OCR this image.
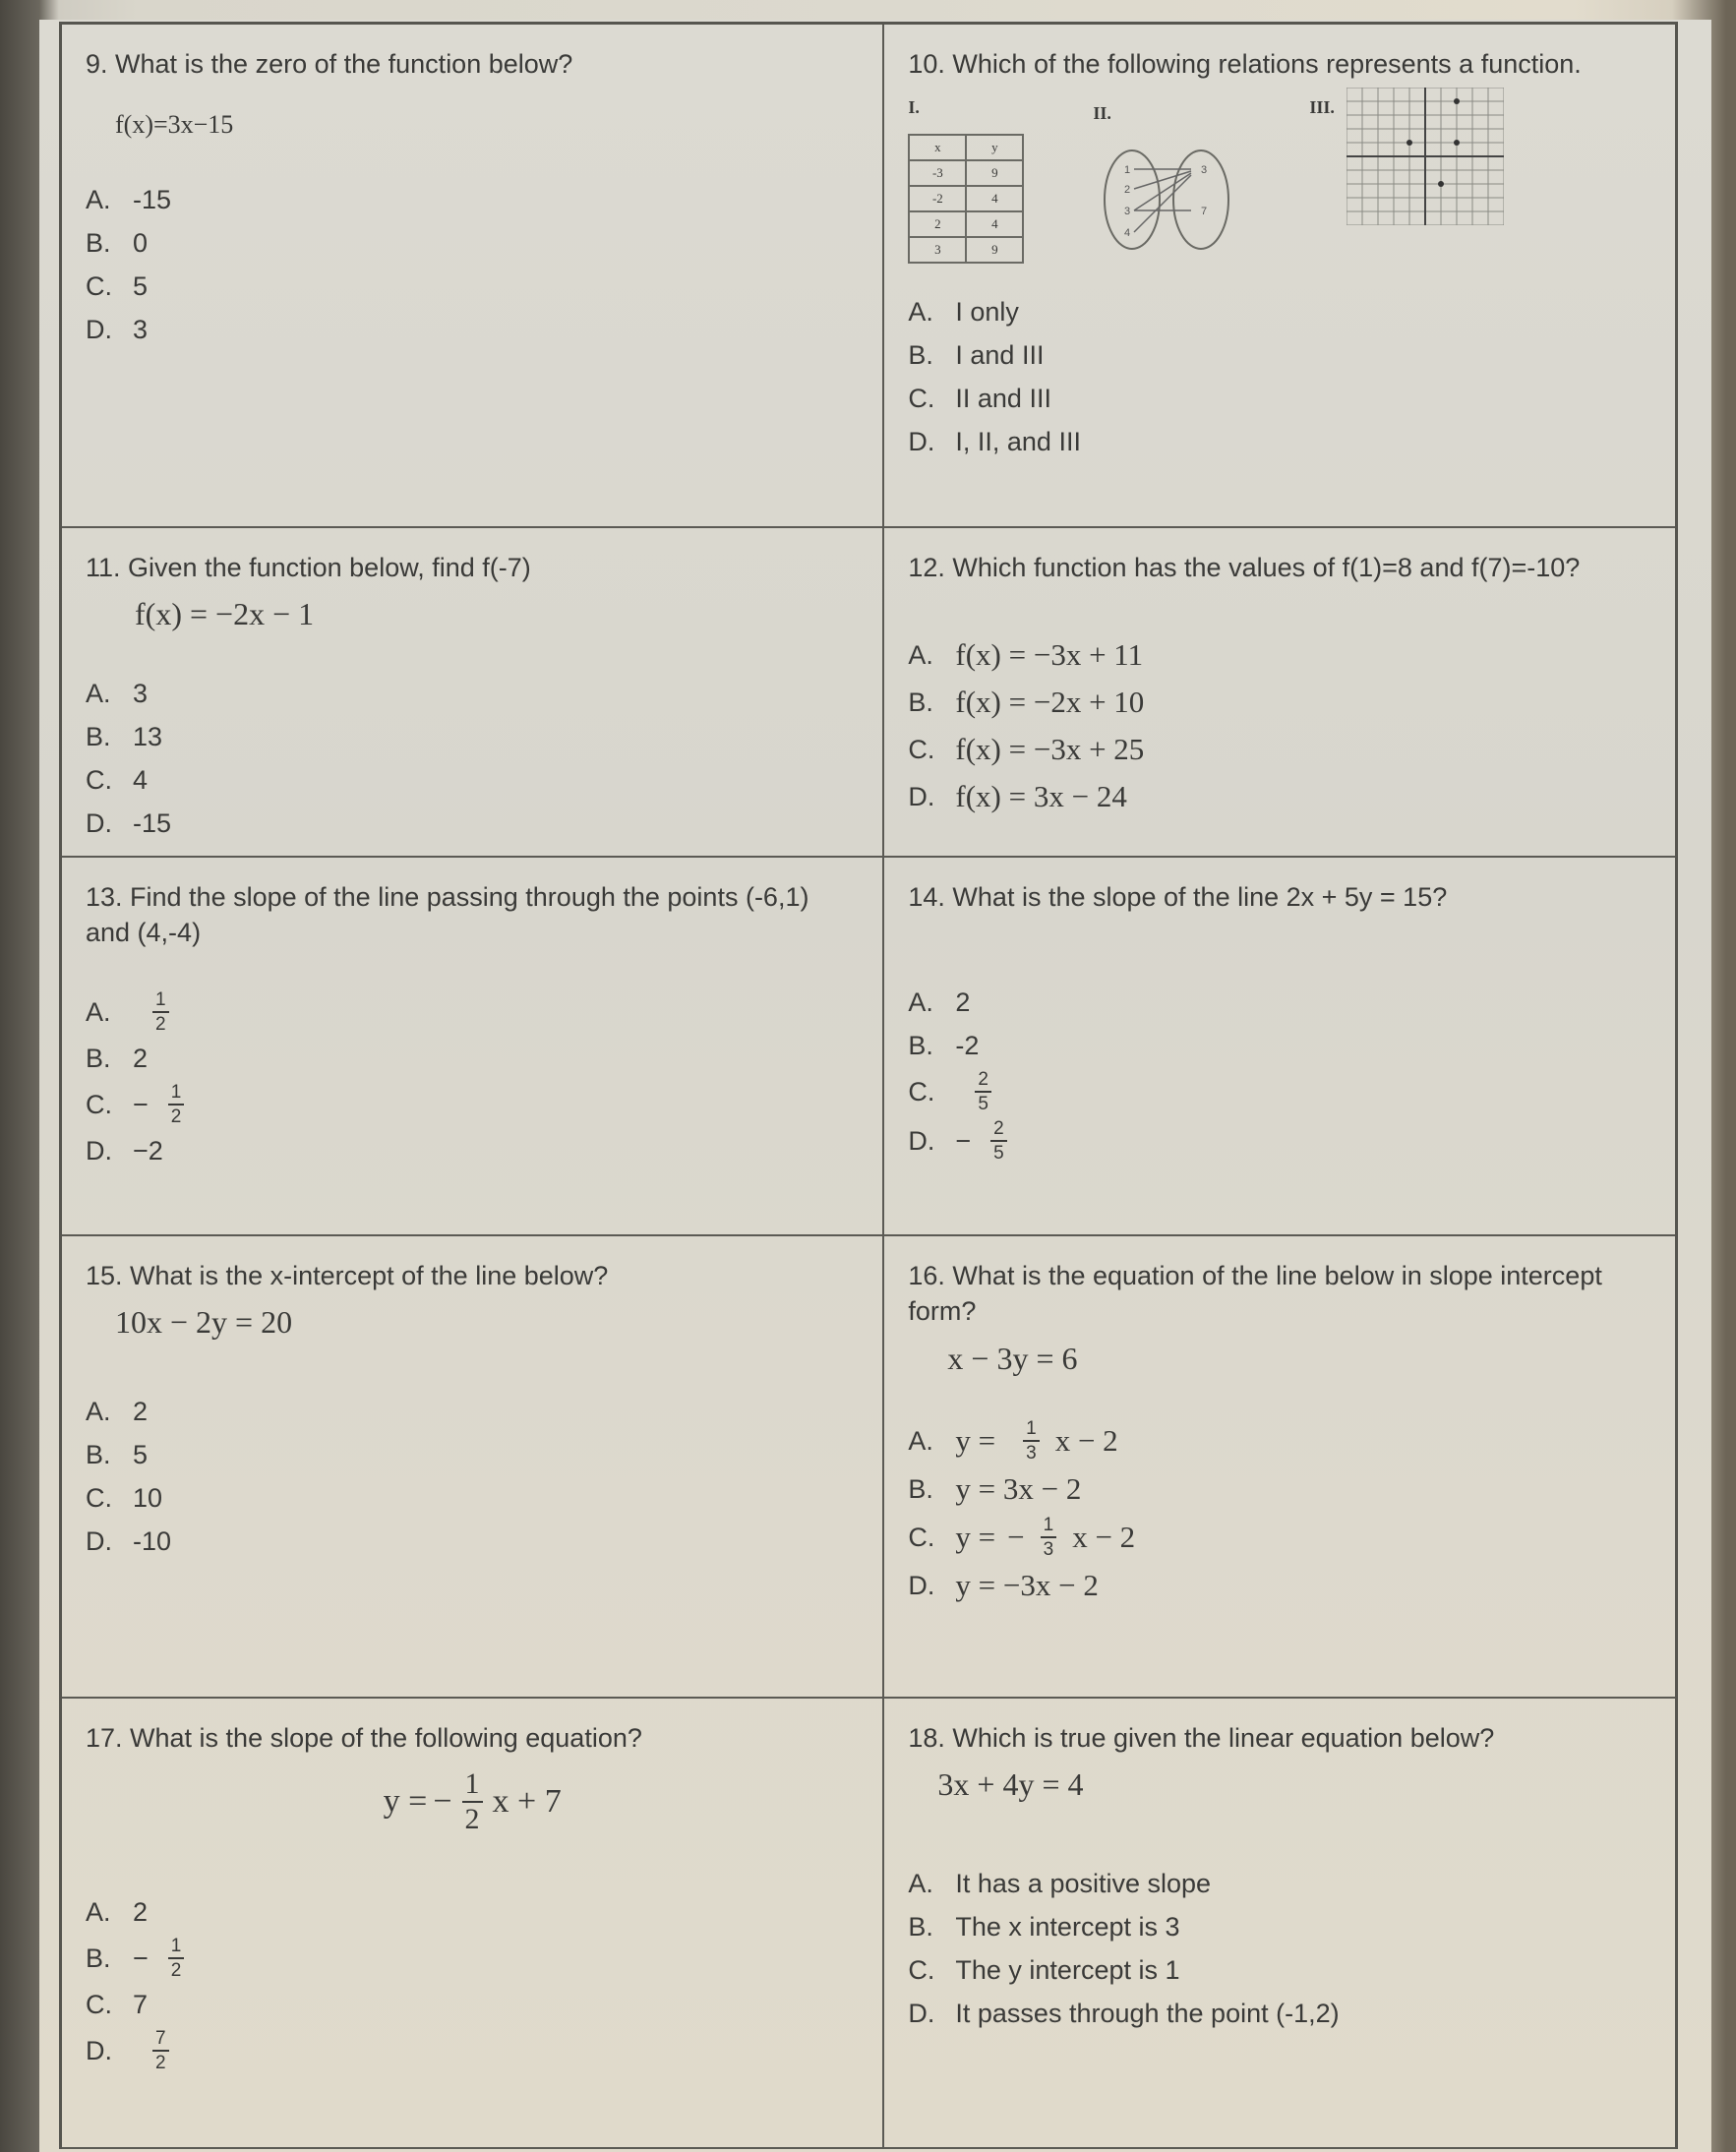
9. What is the zero of the function below?
f(x)=3x−15
A. -15
B. 0
C. 5
D. 3
10. Which of the following relations represents a function.
I.
x	y
-3	9
-2	4
2	4
3	9
II.
1
2
3
4
3
7
III.
A. I only
B. I and III
C. II and III
D. I, II, and III
11. Given the function below, find f(-7)
f(x) = −2x − 1
A. 3
B. 13
C. 4
D. -15
12. Which function has the values of f(1)=8 and f(7)=-10?
A. f(x) = −3x + 11
B. f(x) = −2x + 10
C. f(x) = −3x + 25
D. f(x) = 3x − 24
13. Find the slope of the line passing through the points (-6,1) and (4,-4)
A.	$\frac{1}{2}$
B. 2
C. − $\frac{1}{2}$
D. −2
14. What is the slope of the line 2x + 5y = 15?
A. 2
B. -2
C.	$\frac{2}{5}$
D. − $\frac{2}{5}$
15. What is the x-intercept of the line below?
10x − 2y = 20
A. 2
B. 5
C. 10
D. -10
16. What is the equation of the line below in slope intercept form?
x − 3y = 6
A. $y = \frac{1}{3}$ x − 2
B. y = 3x − 2
C. y = − $\frac{1}{3}$ x − 2
D. y = −3x − 2
17. What is the slope of the following equation?
y = − $\frac{1}{2}$ x + 7
A. 2
B. − $\frac{1}{2}$
C. 7
D.	$\frac{7}{2}$
18. Which is true given the linear equation below?
3x + 4y = 4
A. It has a positive slope
B. The x intercept is 3
C. The y intercept is 1
D. It passes through the point (-1,2)
